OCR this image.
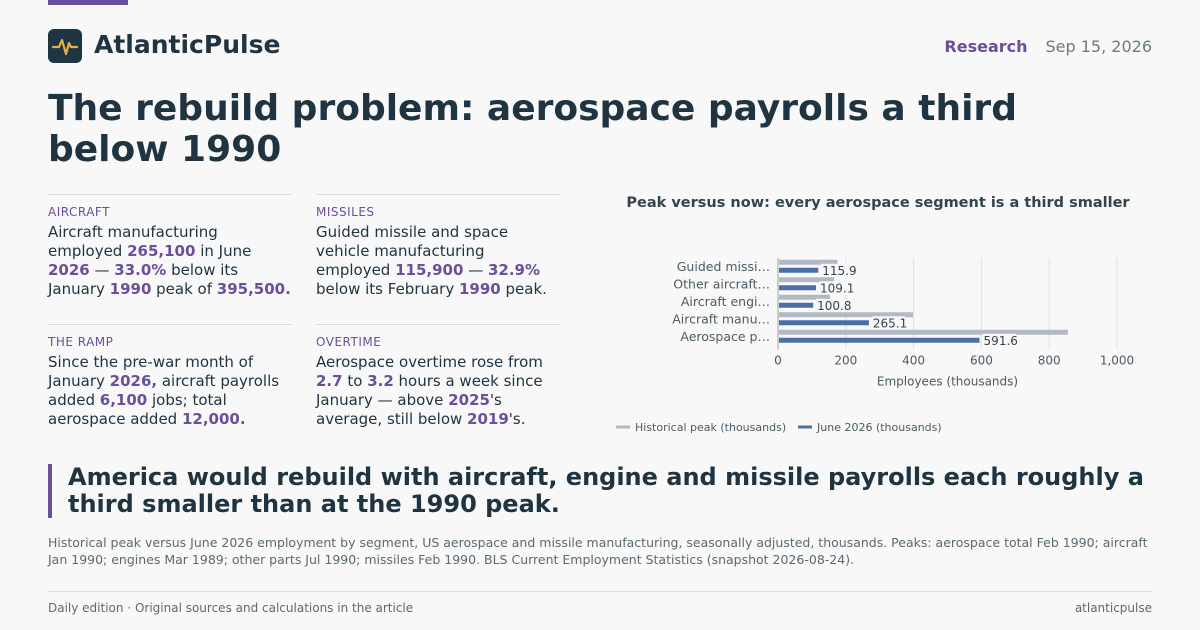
AtlanticPulse	Research Sep 15, 2026
The rebuild problem: aerospace payrolls a third below 1990
AIRCRAFT
Aircraft manufacturing employed 265,100 in June 2026 — 33.0% below its January 1990 peak of 395,500.
MISSILES
Guided missile and space vehicle manufacturing employed 115,900 — 32.9% below its February 1990 peak.
THE RAMP
Since the pre-war month of January 2026, aircraft payrolls added 6,100 jobs; total aerospace added 12,000.
OVERTIME
Aerospace overtime rose from 2.7 to 3.2 hours a week since January — above 2025's average, still below 2019's.
Peak versus now: every aerospace segment is a third smaller
0	200	400	600	800	1,000
Guided missi…	115.9
Other aircraft…	109.1
Aircraft engi…	100.8
Aircraft manu…	265.1
Aerospace p…	591.6
Employees (thousands)
Historical peak (thousands)	June 2026 (thousands)
America would rebuild with aircraft, engine and missile payrolls each roughly a third smaller than at the 1990 peak.

Historical peak versus June 2026 employment by segment, US aerospace and missile manufacturing, seasonally adjusted, thousands. Peaks: aerospace total Feb 1990; aircraft Jan 1990; engines Mar 1989; other parts Jul 1990; missiles Feb 1990. BLS Current Employment Statistics (snapshot 2026-08-24).

Daily edition · Original sources and calculations in the article	atlanticpulse
